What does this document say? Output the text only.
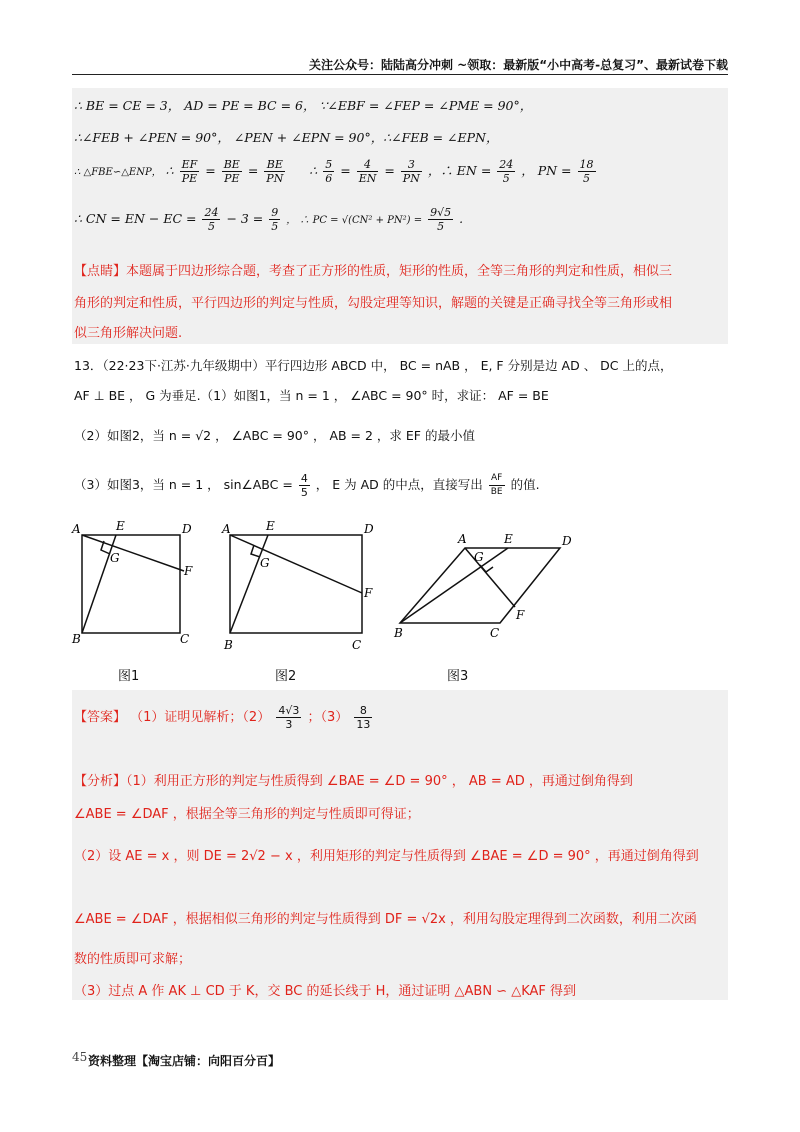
关注公众号：陆陆高分冲刺 ~领取：最新版“小中高考-总复习”、最新试卷下载
∴ BE = CE = 3， AD = PE = BC = 6， ∵∠EBF = ∠FEP = ∠PME = 90°，
∴∠FEB + ∠PEN = 90°， ∠PEN + ∠EPN = 90°，∴∠FEB = ∠EPN，
∴ △FBE∽△ENP， ∴ $\frac{EF}{PE} = \frac{BE}{PE} = \frac{BE}{PN}$ ∴ $\frac{5}{6} = \frac{4}{EN} = \frac{3}{PN}$ ，∴ EN = $\frac{24}{5}$ ， PN = $\frac{18}{5}$
∴ CN = EN − EC = $\frac{24}{5} - 3 = \frac{9}{5}$ ， ∴ PC = $√(CN^2 + PN^2) = \frac{9√5}{5}$ .
【点睛】本题属于四边形综合题，考查了正方形的性质，矩形的性质，全等三角形的判定和性质，相似三
角形的判定和性质，平行四边形的判定与性质，勾股定理等知识，解题的关键是正确寻找全等三角形或相
似三角形解决问题.
13．（22·23下·江苏·九年级期中）平行四边形 ABCD 中， BC = nAB ， E, F 分别是边 AD 、 DC 上的点，
AF ⊥ BE ， G 为垂足.（1）如图1，当 n = 1 ， ∠ABC = 90° 时，求证： AF = BE
（2）如图2，当 n = √2 ， ∠ABC = 90° ， AB = 2 ，求 EF 的最小值
（3）如图3，当 n = 1 ， sin∠ABC = $\frac{4}{5}$ ， E 为 AD 的中点，直接写出 $\frac{AF}{BE}$ 的值.
A	E	D
G
F
B	C
A	E	D
G
F
B	C
A	E	D
G
F
B	C
图1	图2	图3
【答案】 （1）证明见解析；$(2) \frac{4√3}{3}$ ；$(3) \frac{8}{13}$
【分析】（1）利用正方形的判定与性质得到 ∠BAE = ∠D = 90° ， AB = AD ，再通过倒角得到
∠ABE = ∠DAF ，根据全等三角形的判定与性质即可得证；
（2）设 AE = x ，则 DE = 2√2 − x ，利用矩形的判定与性质得到 ∠BAE = ∠D = 90° ，再通过倒角得到
∠ABE = ∠DAF ，根据相似三角形的判定与性质得到 DF = √2x ，利用勾股定理得到二次函数，利用二次函
数的性质即可求解；
（3）过点 A 作 AK ⊥ CD 于 K，交 BC 的延长线于 H，通过证明 △ABN ∽ △KAF 得到
45 资料整理【淘宝店铺：向阳百分百】
